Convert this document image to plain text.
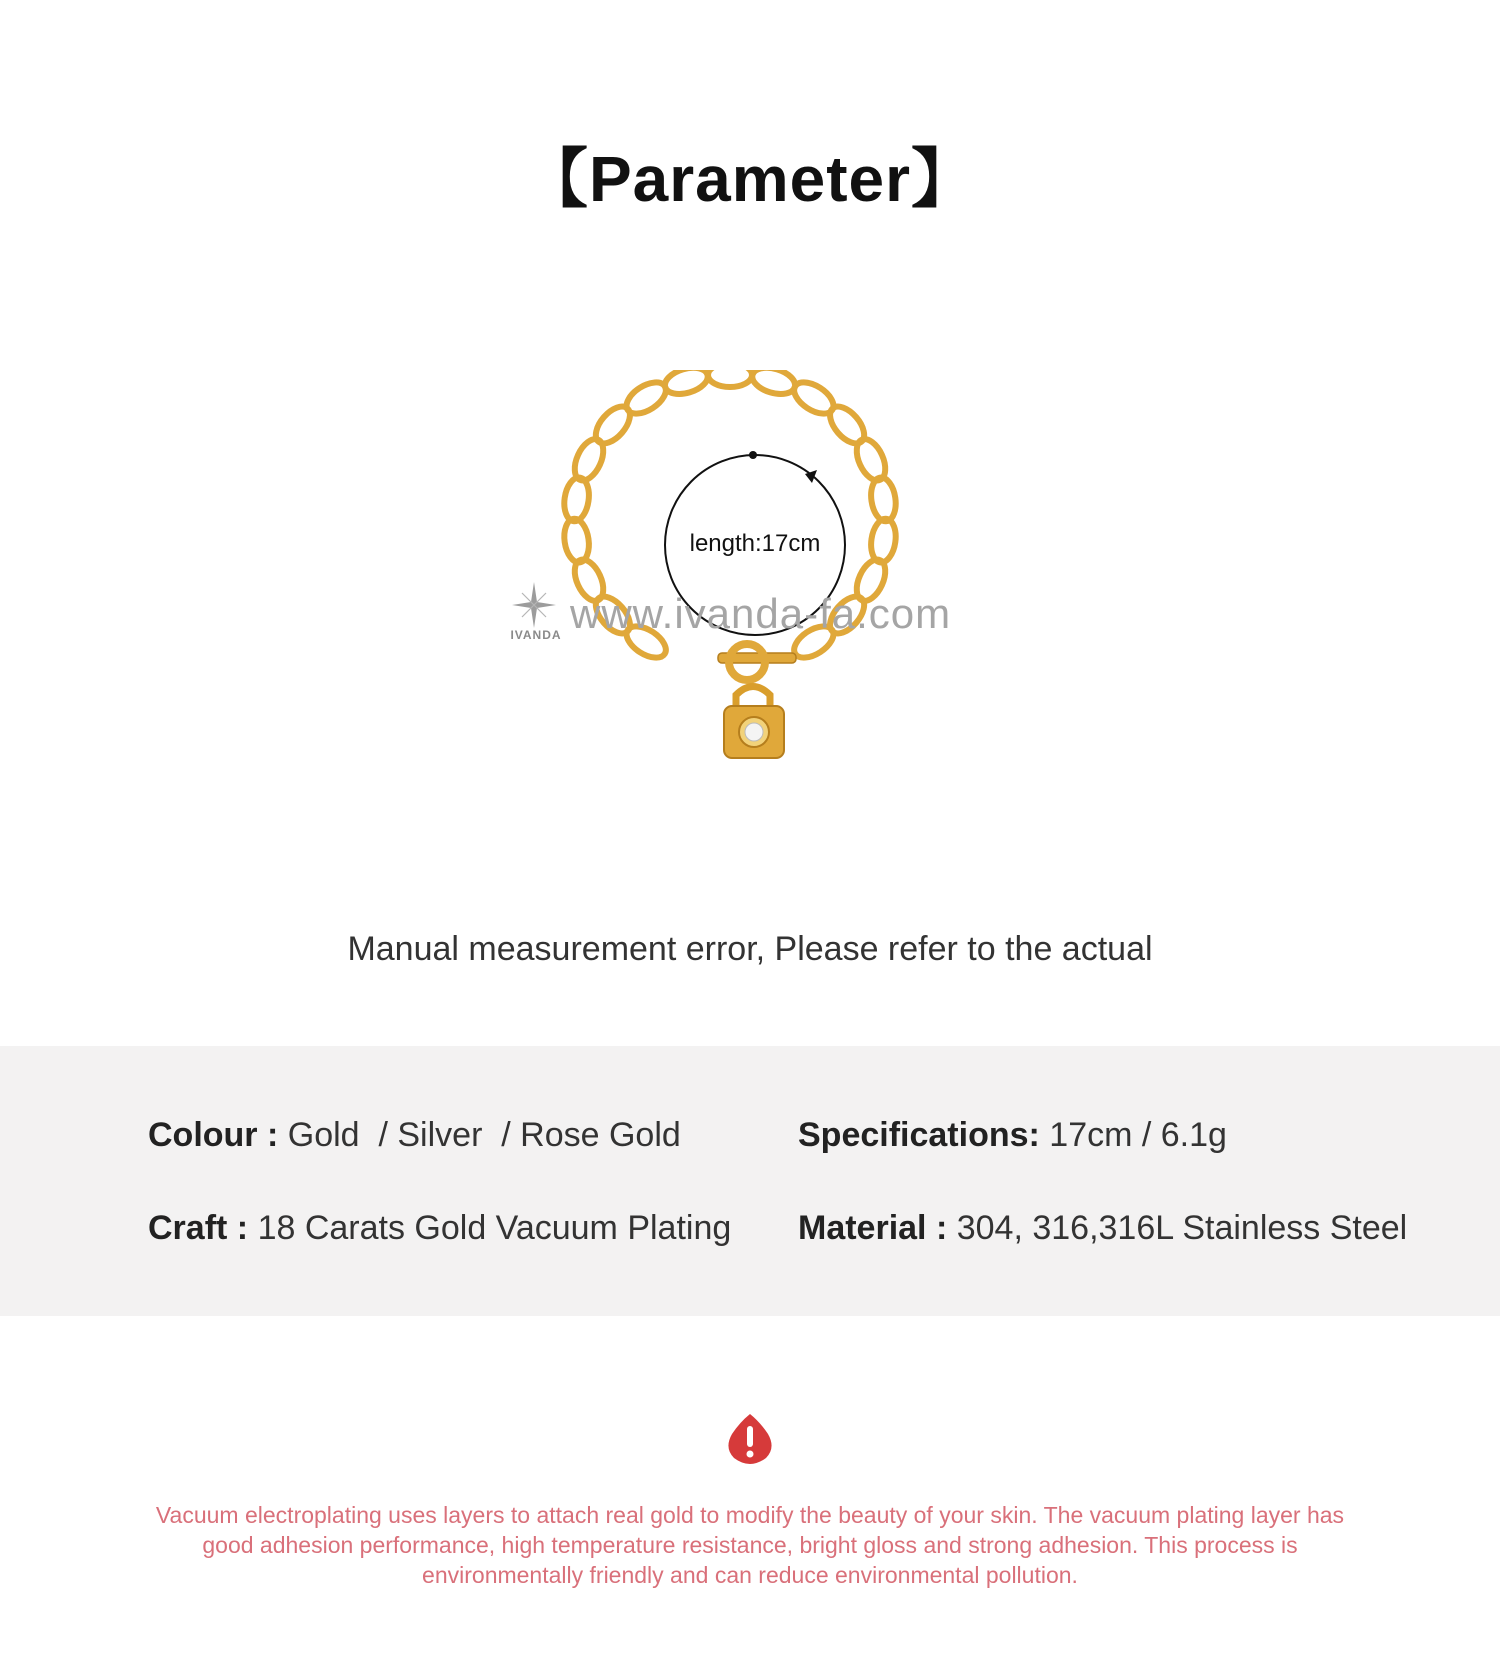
【Parameter】
length:17cm
IVANDA www.ivanda-fa.com
Manual measurement error, Please refer to the actual
Colour : Gold  / Silver  / Rose Gold	Specifications: 17cm / 6.1g
Craft : 18 Carats Gold Vacuum Plating Material : 304, 316,316L Stainless Steel
Vacuum electroplating uses layers to attach real gold to modify the beauty of your skin. The vacuum plating layer has good adhesion performance, high temperature resistance, bright gloss and strong adhesion. This process is environmentally friendly and can reduce environmental pollution.
